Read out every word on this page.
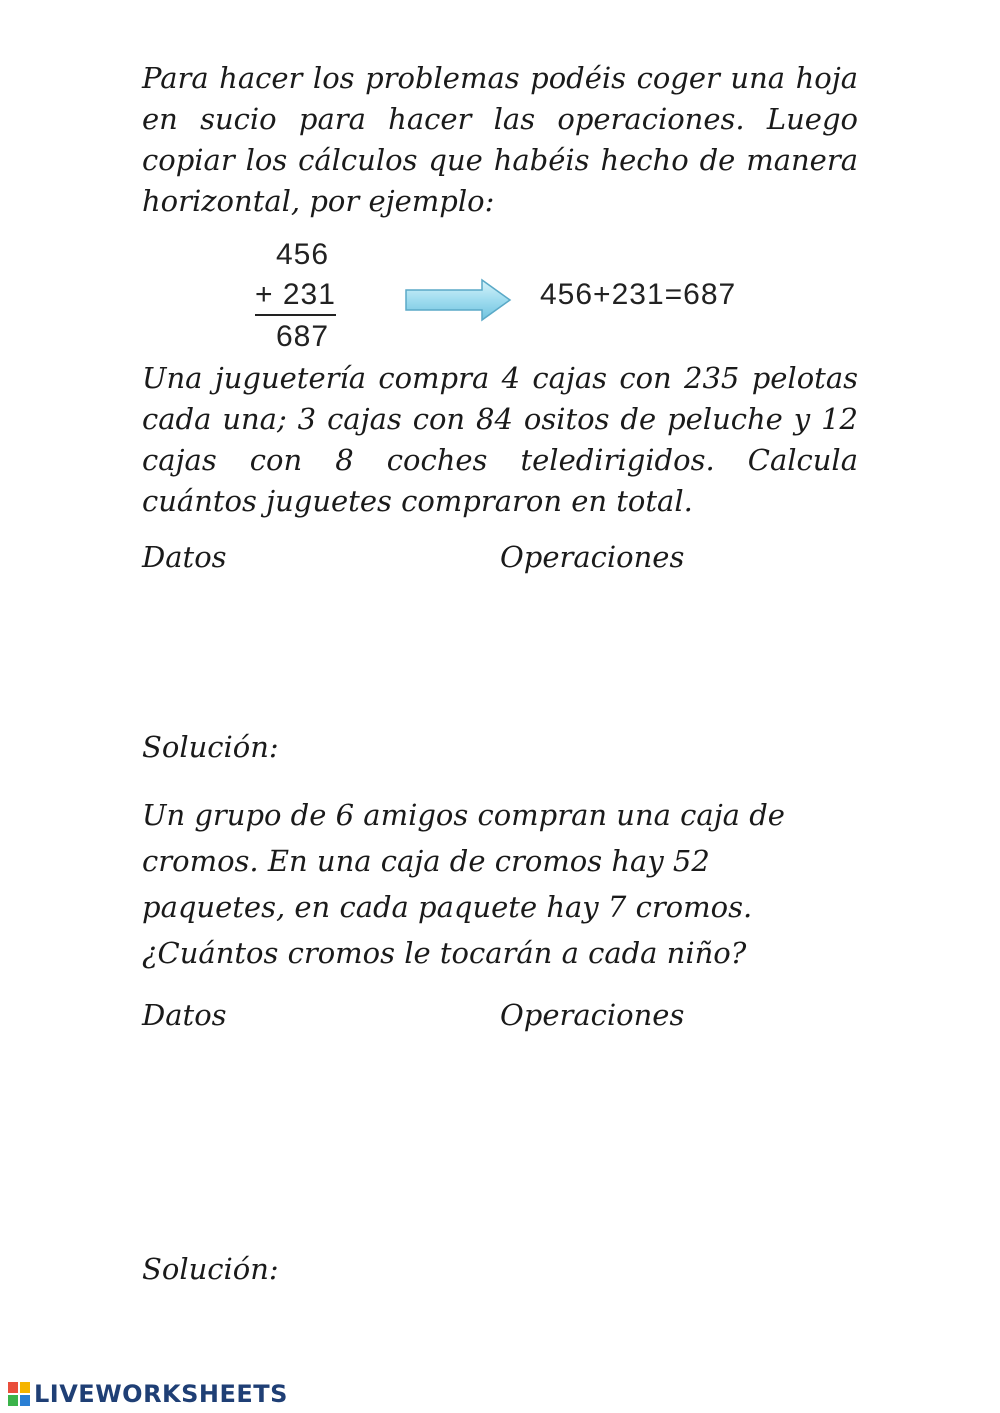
Para hacer los problemas podéis coger una hoja en sucio para hacer las operaciones. Luego copiar los cálculos que habéis hecho de manera horizontal, por ejemplo:

456
+ 231
687
456+231=687

Una juguetería compra 4 cajas con 235 pelotas cada una; 3 cajas con 84 ositos de peluche y 12 cajas con 8 coches teledirigidos. Calcula cuántos juguetes compraron en total.

Datos	Operaciones
Solución:

Un grupo de 6 amigos compran una caja de cromos. En una caja de cromos hay 52 paquetes, en cada paquete hay 7 cromos. ¿Cuántos cromos le tocarán a cada niño?

Datos	Operaciones
Solución:
LIVEWORKSHEETS
